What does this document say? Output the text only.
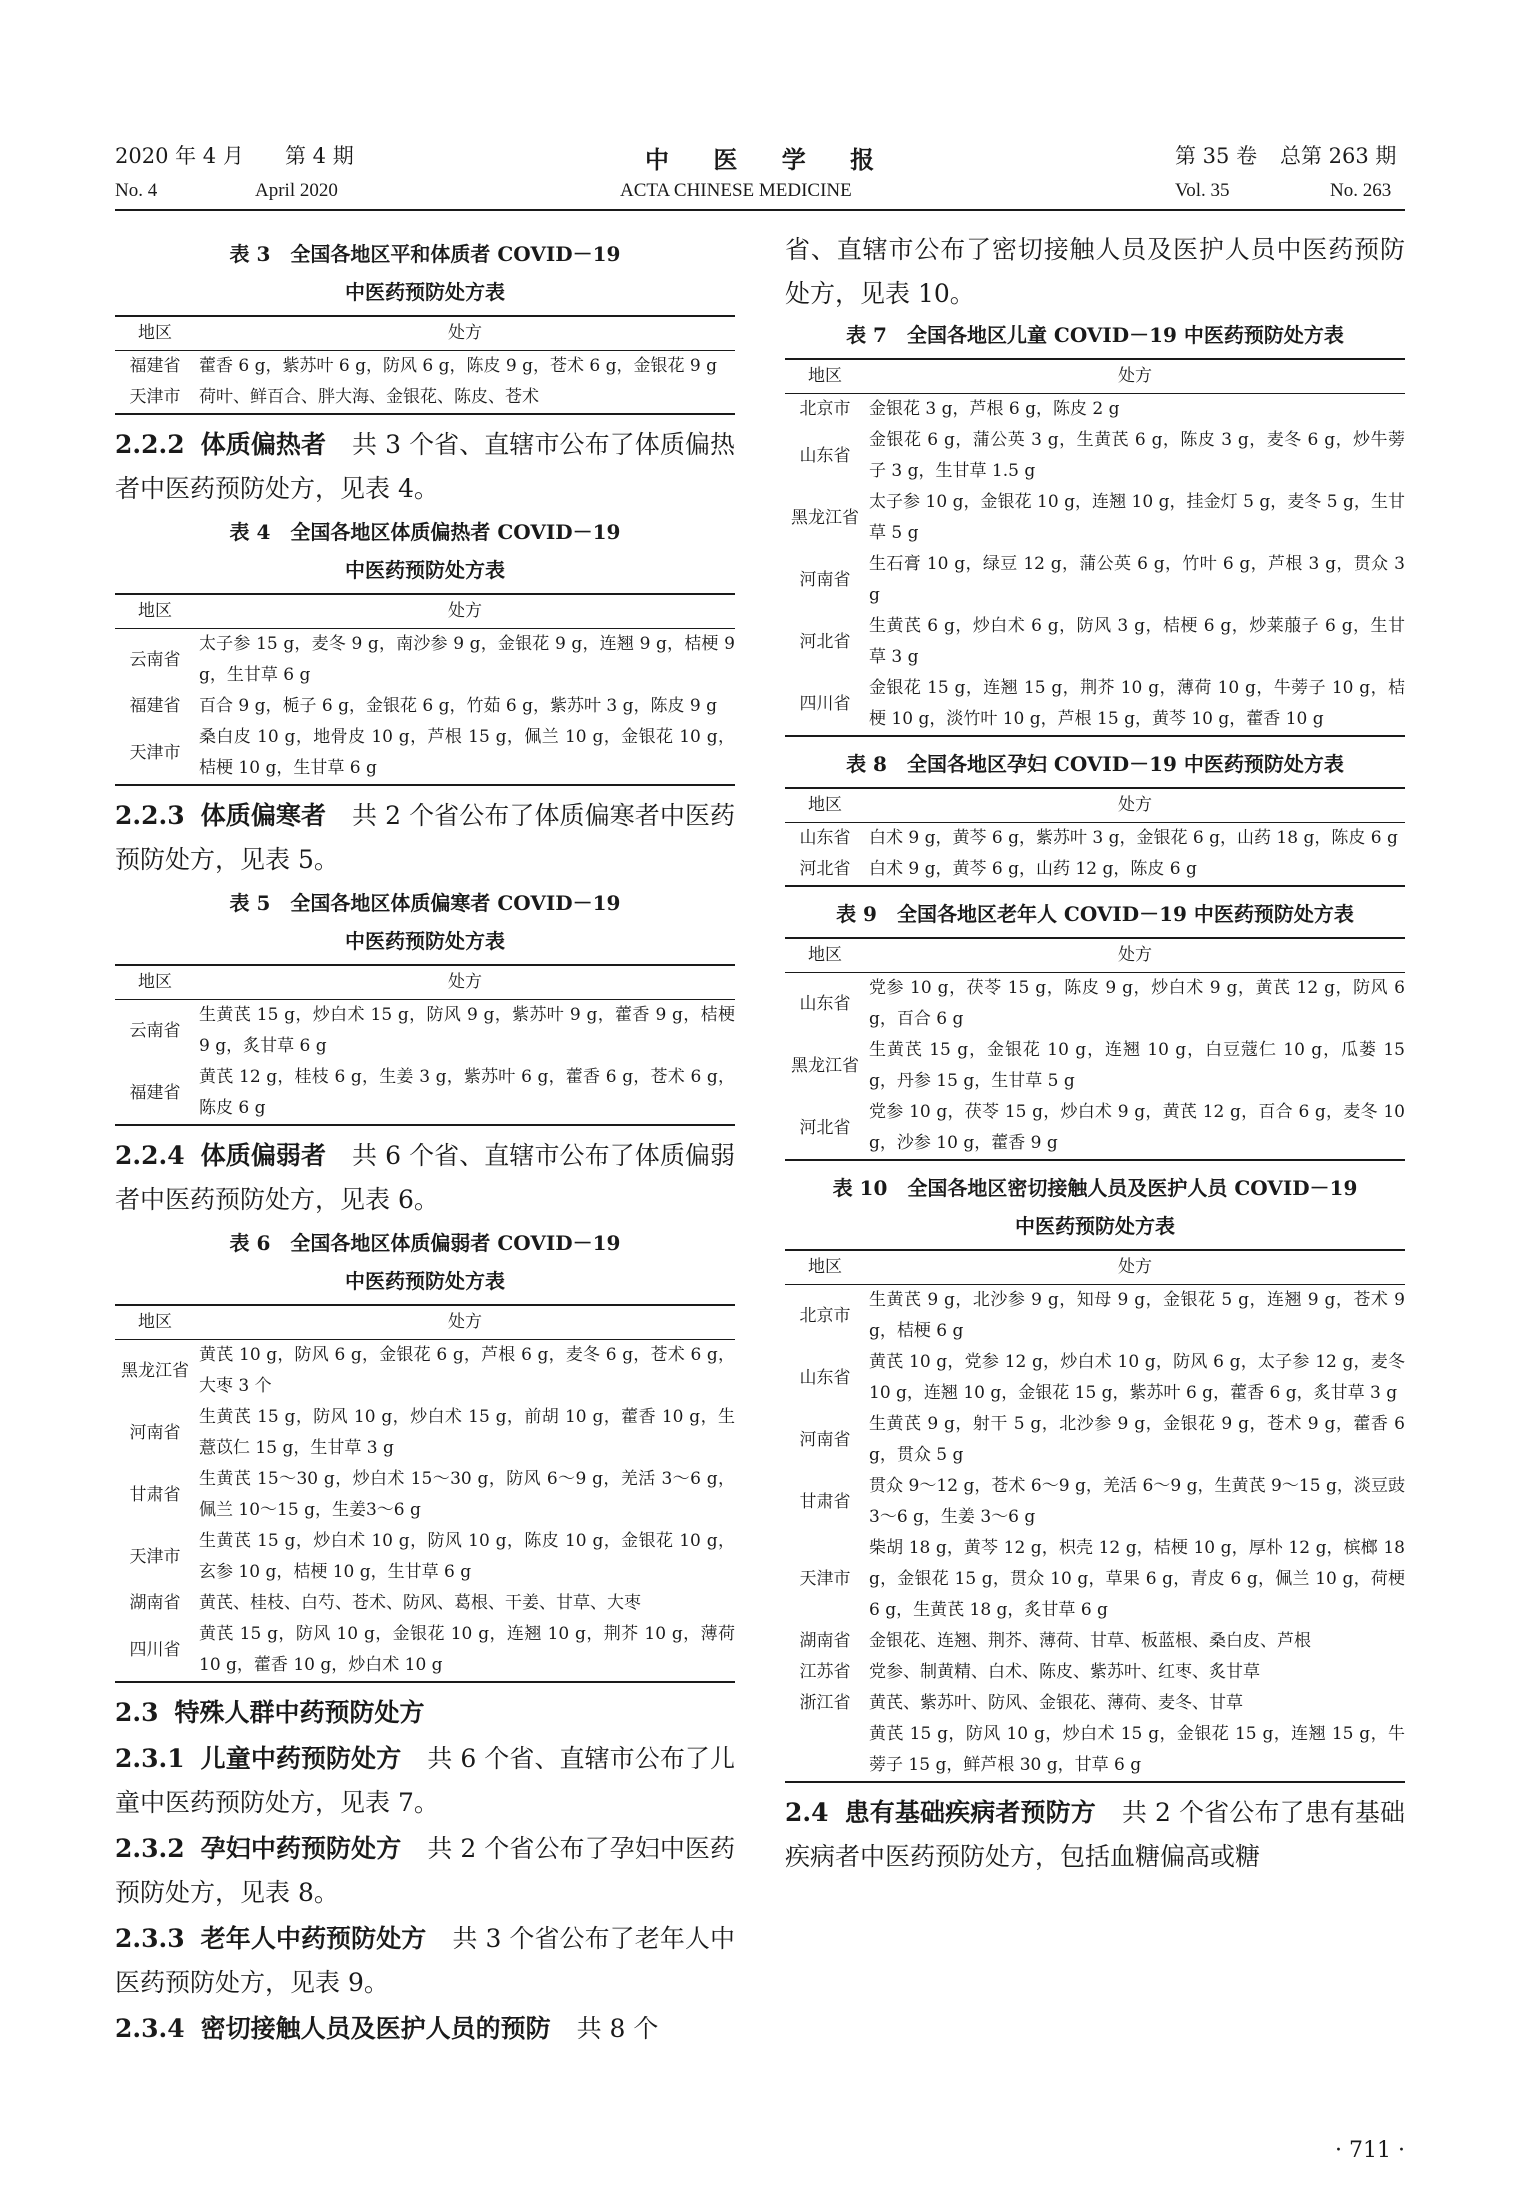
2020 年 4 月 第 4 期	中 医 学 报	第 35 卷 总第 263 期
No. 4	April 2020	ACTA CHINESE MEDICINE	Vol. 35	No. 263
表 3　全国各地区平和体质者 COVID－19
中医药预防处方表
地区	处方
福建省	藿香 6 g，紫苏叶 6 g，防风 6 g，陈皮 9 g，苍术 6 g，金银花 9 g
天津市	荷叶、鲜百合、胖大海、金银花、陈皮、苍术
2.2.2 体质偏热者 共 3 个省、直辖市公布了体质偏热者中医药预防处方，见表 4。
表 4　全国各地区体质偏热者 COVID－19
中医药预防处方表
地区	处方
云南省	太子参 15 g，麦冬 9 g，南沙参 9 g，金银花 9 g，连翘 9 g，桔梗 9 g，生甘草 6 g
福建省	百合 9 g，栀子 6 g，金银花 6 g，竹茹 6 g，紫苏叶 3 g，陈皮 9 g
天津市	桑白皮 10 g，地骨皮 10 g，芦根 15 g，佩兰 10 g，金银花 10 g，桔梗 10 g，生甘草 6 g
2.2.3 体质偏寒者 共 2 个省公布了体质偏寒者中医药预防处方，见表 5。
表 5　全国各地区体质偏寒者 COVID－19
中医药预防处方表
地区	处方
云南省	生黄芪 15 g，炒白术 15 g，防风 9 g，紫苏叶 9 g，藿香 9 g，桔梗 9 g，炙甘草 6 g
福建省	黄芪 12 g，桂枝 6 g，生姜 3 g，紫苏叶 6 g，藿香 6 g，苍术 6 g，陈皮 6 g
2.2.4 体质偏弱者 共 6 个省、直辖市公布了体质偏弱者中医药预防处方，见表 6。
表 6　全国各地区体质偏弱者 COVID－19
中医药预防处方表
地区	处方
黑龙江省	黄芪 10 g，防风 6 g，金银花 6 g，芦根 6 g，麦冬 6 g，苍术 6 g，大枣 3 个
河南省	生黄芪 15 g，防风 10 g，炒白术 15 g，前胡 10 g，藿香 10 g，生薏苡仁 15 g，生甘草 3 g
甘肃省	生黄芪 15～30 g，炒白术 15～30 g，防风 6～9 g，羌活 3～6 g，佩兰 10～15 g，生姜3～6 g
天津市	生黄芪 15 g，炒白术 10 g，防风 10 g，陈皮 10 g，金银花 10 g，玄参 10 g，桔梗 10 g，生甘草 6 g
湖南省	黄芪、桂枝、白芍、苍术、防风、葛根、干姜、甘草、大枣
四川省	黄芪 15 g，防风 10 g，金银花 10 g，连翘 10 g，荆芥 10 g，薄荷 10 g，藿香 10 g，炒白术 10 g
2.3 特殊人群中药预防处方
2.3.1 儿童中药预防处方 共 6 个省、直辖市公布了儿童中医药预防处方，见表 7。
2.3.2 孕妇中药预防处方 共 2 个省公布了孕妇中医药预防处方，见表 8。
2.3.3 老年人中药预防处方 共 3 个省公布了老年人中医药预防处方，见表 9。
2.3.4 密切接触人员及医护人员的预防 共 8 个
省、直辖市公布了密切接触人员及医护人员中医药预防处方，见表 10。
表 7　全国各地区儿童 COVID－19 中医药预防处方表
地区	处方
北京市	金银花 3 g，芦根 6 g，陈皮 2 g
山东省	金银花 6 g，蒲公英 3 g，生黄芪 6 g，陈皮 3 g，麦冬 6 g，炒牛蒡子 3 g，生甘草 1.5 g
黑龙江省	太子参 10 g，金银花 10 g，连翘 10 g，挂金灯 5 g，麦冬 5 g，生甘草 5 g
河南省	生石膏 10 g，绿豆 12 g，蒲公英 6 g，竹叶 6 g，芦根 3 g，贯众 3 g
河北省	生黄芪 6 g，炒白术 6 g，防风 3 g，桔梗 6 g，炒莱菔子 6 g，生甘草 3 g
四川省	金银花 15 g，连翘 15 g，荆芥 10 g，薄荷 10 g，牛蒡子 10 g，桔梗 10 g，淡竹叶 10 g，芦根 15 g，黄芩 10 g，藿香 10 g
表 8　全国各地区孕妇 COVID－19 中医药预防处方表
地区	处方
山东省	白术 9 g，黄芩 6 g，紫苏叶 3 g，金银花 6 g，山药 18 g，陈皮 6 g
河北省	白术 9 g，黄芩 6 g，山药 12 g，陈皮 6 g
表 9　全国各地区老年人 COVID－19 中医药预防处方表
地区	处方
山东省	党参 10 g，茯苓 15 g，陈皮 9 g，炒白术 9 g，黄芪 12 g，防风 6 g，百合 6 g
黑龙江省	生黄芪 15 g，金银花 10 g，连翘 10 g，白豆蔻仁 10 g，瓜蒌 15 g，丹参 15 g，生甘草 5 g
河北省	党参 10 g，茯苓 15 g，炒白术 9 g，黄芪 12 g，百合 6 g，麦冬 10 g，沙参 10 g，藿香 9 g
表 10　全国各地区密切接触人员及医护人员 COVID－19
中医药预防处方表
地区	处方
北京市	生黄芪 9 g，北沙参 9 g，知母 9 g，金银花 5 g，连翘 9 g，苍术 9 g，桔梗 6 g
山东省	黄芪 10 g，党参 12 g，炒白术 10 g，防风 6 g，太子参 12 g，麦冬 10 g，连翘 10 g，金银花 15 g，紫苏叶 6 g，藿香 6 g，炙甘草 3 g
河南省	生黄芪 9 g，射干 5 g，北沙参 9 g，金银花 9 g，苍术 9 g，藿香 6 g，贯众 5 g
甘肃省	贯众 9～12 g，苍术 6～9 g，羌活 6～9 g，生黄芪 9～15 g，淡豆豉 3～6 g，生姜 3～6 g
天津市	柴胡 18 g，黄芩 12 g，枳壳 12 g，桔梗 10 g，厚朴 12 g，槟榔 18 g，金银花 15 g，贯众 10 g，草果 6 g，青皮 6 g，佩兰 10 g，荷梗 6 g，生黄芪 18 g，炙甘草 6 g
湖南省	金银花、连翘、荆芥、薄荷、甘草、板蓝根、桑白皮、芦根
江苏省	党参、制黄精、白术、陈皮、紫苏叶、红枣、炙甘草
浙江省	黄芪、紫苏叶、防风、金银花、薄荷、麦冬、甘草
	黄芪 15 g，防风 10 g，炒白术 15 g，金银花 15 g，连翘 15 g，牛蒡子 15 g，鲜芦根 30 g，甘草 6 g
2.4 患有基础疾病者预防方 共 2 个省公布了患有基础疾病者中医药预防处方，包括血糖偏高或糖
· 711 ·
